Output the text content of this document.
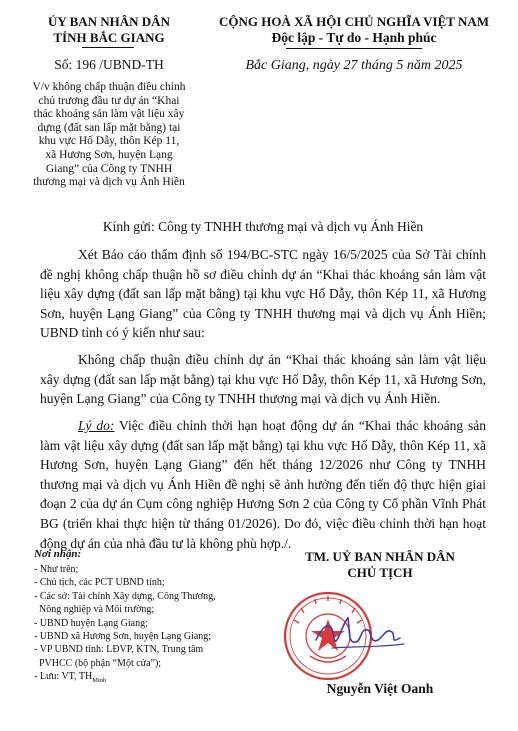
ỦY BAN NHÂN DÂN
TỈNH BẮC GIANG
CỘNG HOÀ XÃ HỘI CHỦ NGHĨA VIỆT NAM
Độc lập - Tự do - Hạnh phúc
Số: 196 /UBND-TH	Bắc Giang, ngày 27 tháng 5 năm 2025
V/v không chấp thuận điều chỉnh
chủ trương đầu tư dự án “Khai
thác khoáng sản làm vật liệu xây
dựng (đất san lấp mặt bằng) tại
khu vực Hố Dẫy, thôn Kép 11,
xã Hương Sơn, huyện Lạng
Giang” của Công ty TNHH
thương mại và dịch vụ Ánh Hiền
Kính gửi: Công ty TNHH thương mại và dịch vụ Ánh Hiền
Xét Báo cáo thẩm định số 194/BC-STC ngày 16/5/2025 của Sở Tài chính đề nghị không chấp thuận hồ sơ điều chỉnh dự án “Khai thác khoáng sản làm vật liệu xây dựng (đất san lấp mặt bằng) tại khu vực Hố Dẫy, thôn Kép 11, xã Hương Sơn, huyện Lạng Giang” của Công ty TNHH thương mại và dịch vụ Ánh Hiền; UBND tỉnh có ý kiến như sau:
Không chấp thuận điều chỉnh dự án “Khai thác khoáng sản làm vật liệu xây dựng (đất san lấp mặt bằng) tại khu vực Hố Dẫy, thôn Kép 11, xã Hương Sơn, huyện Lạng Giang” của Công ty TNHH thương mại và dịch vụ Ánh Hiền.
Lý do: Việc điều chỉnh thời hạn hoạt động dự án “Khai thác khoáng sản làm vật liệu xây dựng (đất san lấp mặt bằng) tại khu vực Hố Dẫy, thôn Kép 11, xã Hương Sơn, huyện Lạng Giang” đến hết tháng 12/2026 như Công ty TNHH thương mại và dịch vụ Ánh Hiền đề nghị sẽ ảnh hưởng đến tiến độ thực hiện giai đoạn 2 của dự án Cụm công nghiệp Hương Sơn 2 của Công ty Cổ phần Vĩnh Phát BG (triển khai thực hiện từ tháng 01/2026). Do đó, việc điều chỉnh thời hạn hoạt động dự án của nhà đầu tư là không phù hợp./.
Nơi nhận:
- Như trên;
- Chủ tịch, các PCT UBND tỉnh;
- Các sở: Tài chính Xây dựng, Công Thương,
Nông nghiệp và Môi trường;
- UBND huyện Lạng Giang;
- UBND xã Hương Sơn, huyện Lạng Giang;
- VP UBND tỉnh: LĐVP, KTN, Trung tâm
PVHCC (bộ phận “Một cửa”);
- Lưu: VT, $TH_{Minh}$
TM. UỶ BAN NHÂN DÂN
CHỦ TỊCH
Nguyễn Việt Oanh
